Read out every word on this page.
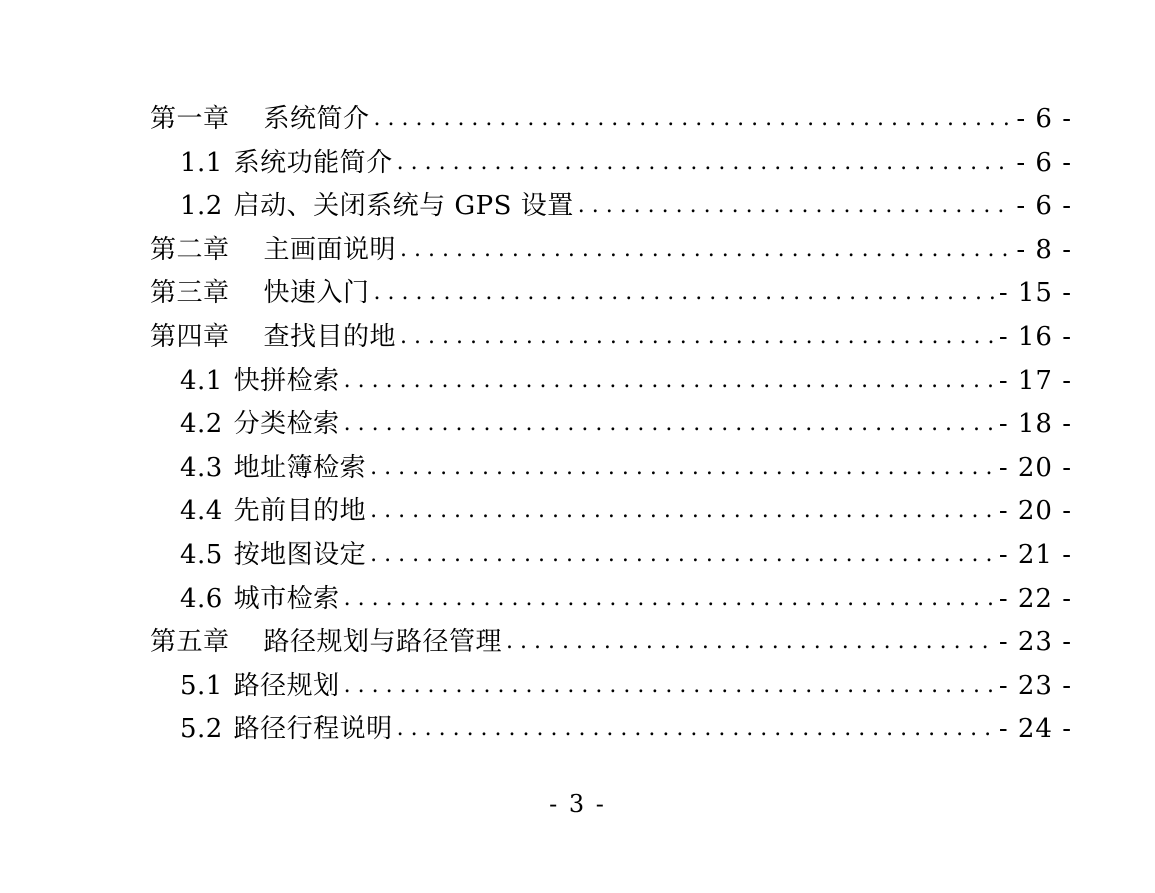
第一章 系统简介 . . .	- 6 -
1.1 系统功能简介 . . .	- 6 -
1.2 启动、关闭系统与 GPS 设置 . . .	- 6 -
第二章 主画面说明 . . .	- 8 -
第三章 快速入门 . . .	- 15 -
第四章 查找目的地 . . .	- 16 -
4.1 快拼检索 . . .	- 17 -
4.2 分类检索 . . .	- 18 -
4.3 地址簿检索 . . .	- 20 -
4.4 先前目的地 . . .	- 20 -
4.5 按地图设定 . . .	- 21 -
4.6 城市检索 . . .	- 22 -
第五章 路径规划与路径管理 . . .	- 23 -
5.1 路径规划 . . .	- 23 -
5.2 路径行程说明 . . .	- 24 -
- 3 -
